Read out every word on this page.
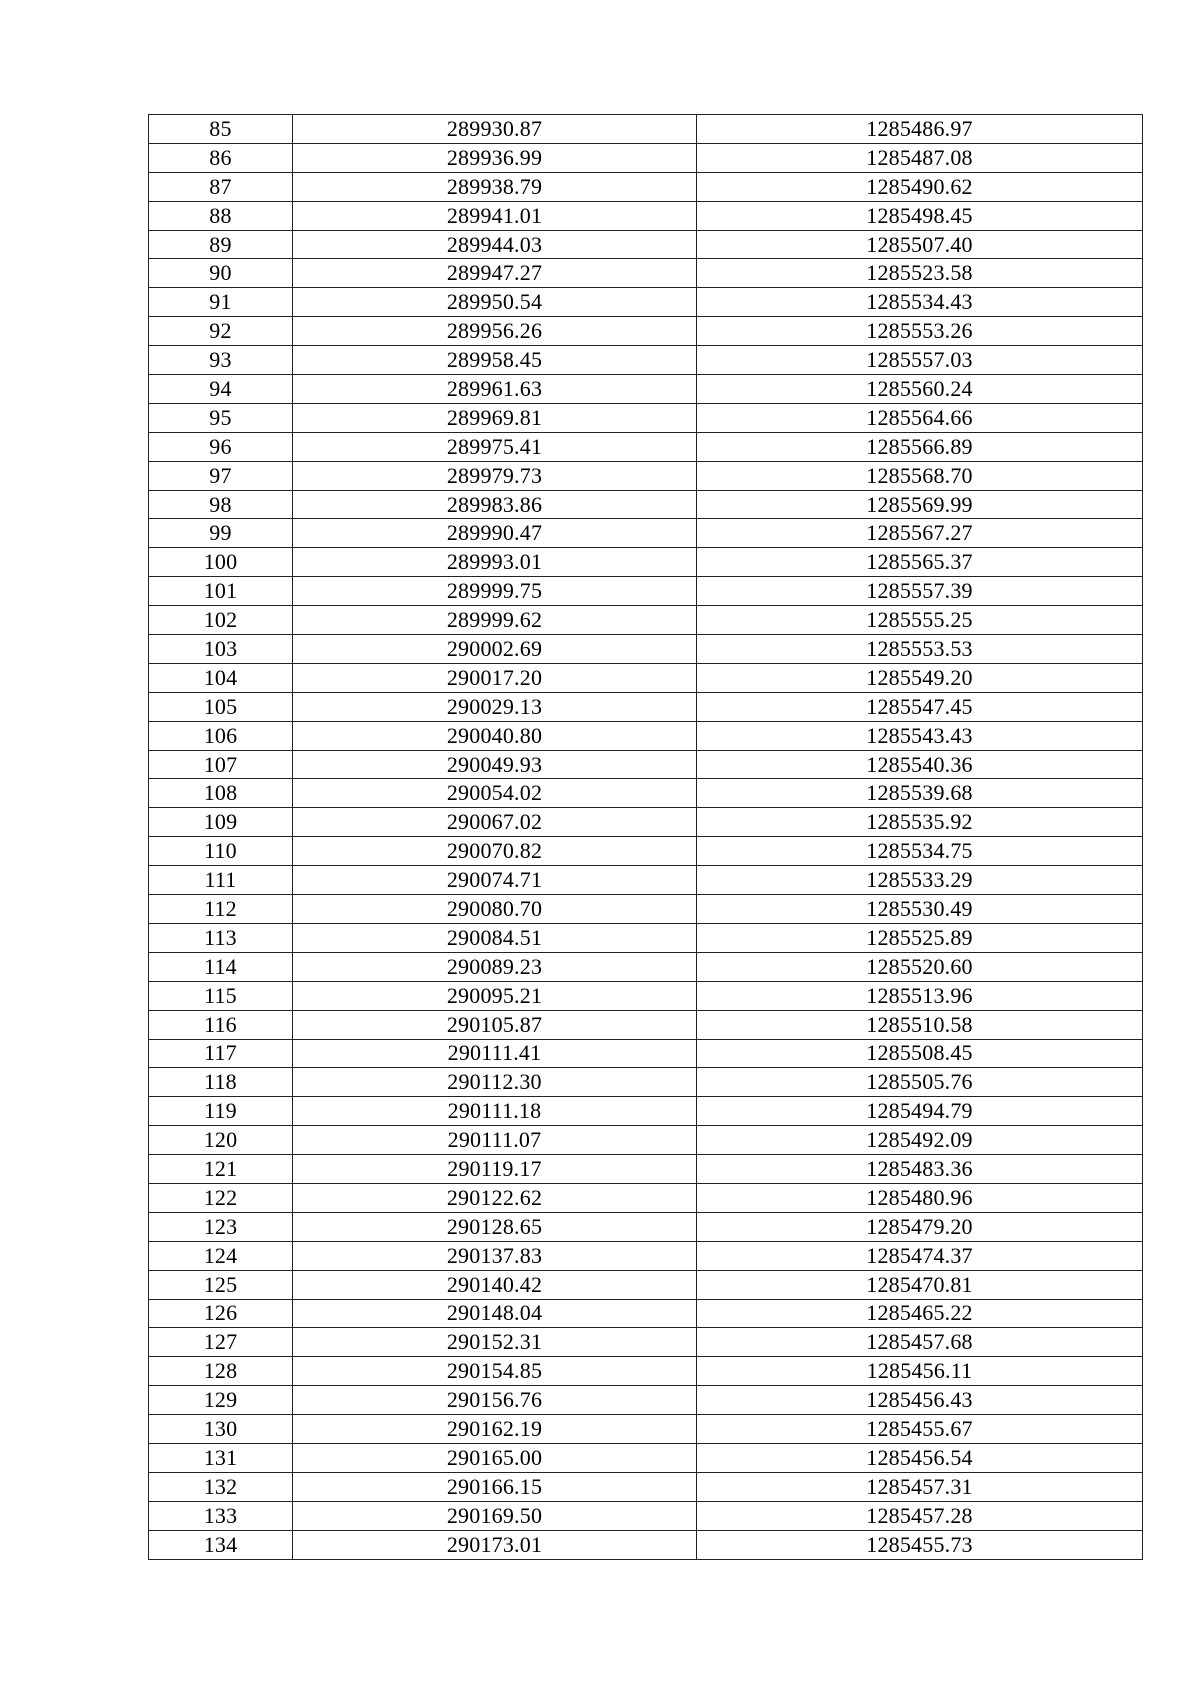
85	289930.87	1285486.97
86	289936.99	1285487.08
87	289938.79	1285490.62
88	289941.01	1285498.45
89	289944.03	1285507.40
90	289947.27	1285523.58
91	289950.54	1285534.43
92	289956.26	1285553.26
93	289958.45	1285557.03
94	289961.63	1285560.24
95	289969.81	1285564.66
96	289975.41	1285566.89
97	289979.73	1285568.70
98	289983.86	1285569.99
99	289990.47	1285567.27
100	289993.01	1285565.37
101	289999.75	1285557.39
102	289999.62	1285555.25
103	290002.69	1285553.53
104	290017.20	1285549.20
105	290029.13	1285547.45
106	290040.80	1285543.43
107	290049.93	1285540.36
108	290054.02	1285539.68
109	290067.02	1285535.92
110	290070.82	1285534.75
111	290074.71	1285533.29
112	290080.70	1285530.49
113	290084.51	1285525.89
114	290089.23	1285520.60
115	290095.21	1285513.96
116	290105.87	1285510.58
117	290111.41	1285508.45
118	290112.30	1285505.76
119	290111.18	1285494.79
120	290111.07	1285492.09
121	290119.17	1285483.36
122	290122.62	1285480.96
123	290128.65	1285479.20
124	290137.83	1285474.37
125	290140.42	1285470.81
126	290148.04	1285465.22
127	290152.31	1285457.68
128	290154.85	1285456.11
129	290156.76	1285456.43
130	290162.19	1285455.67
131	290165.00	1285456.54
132	290166.15	1285457.31
133	290169.50	1285457.28
134	290173.01	1285455.73
